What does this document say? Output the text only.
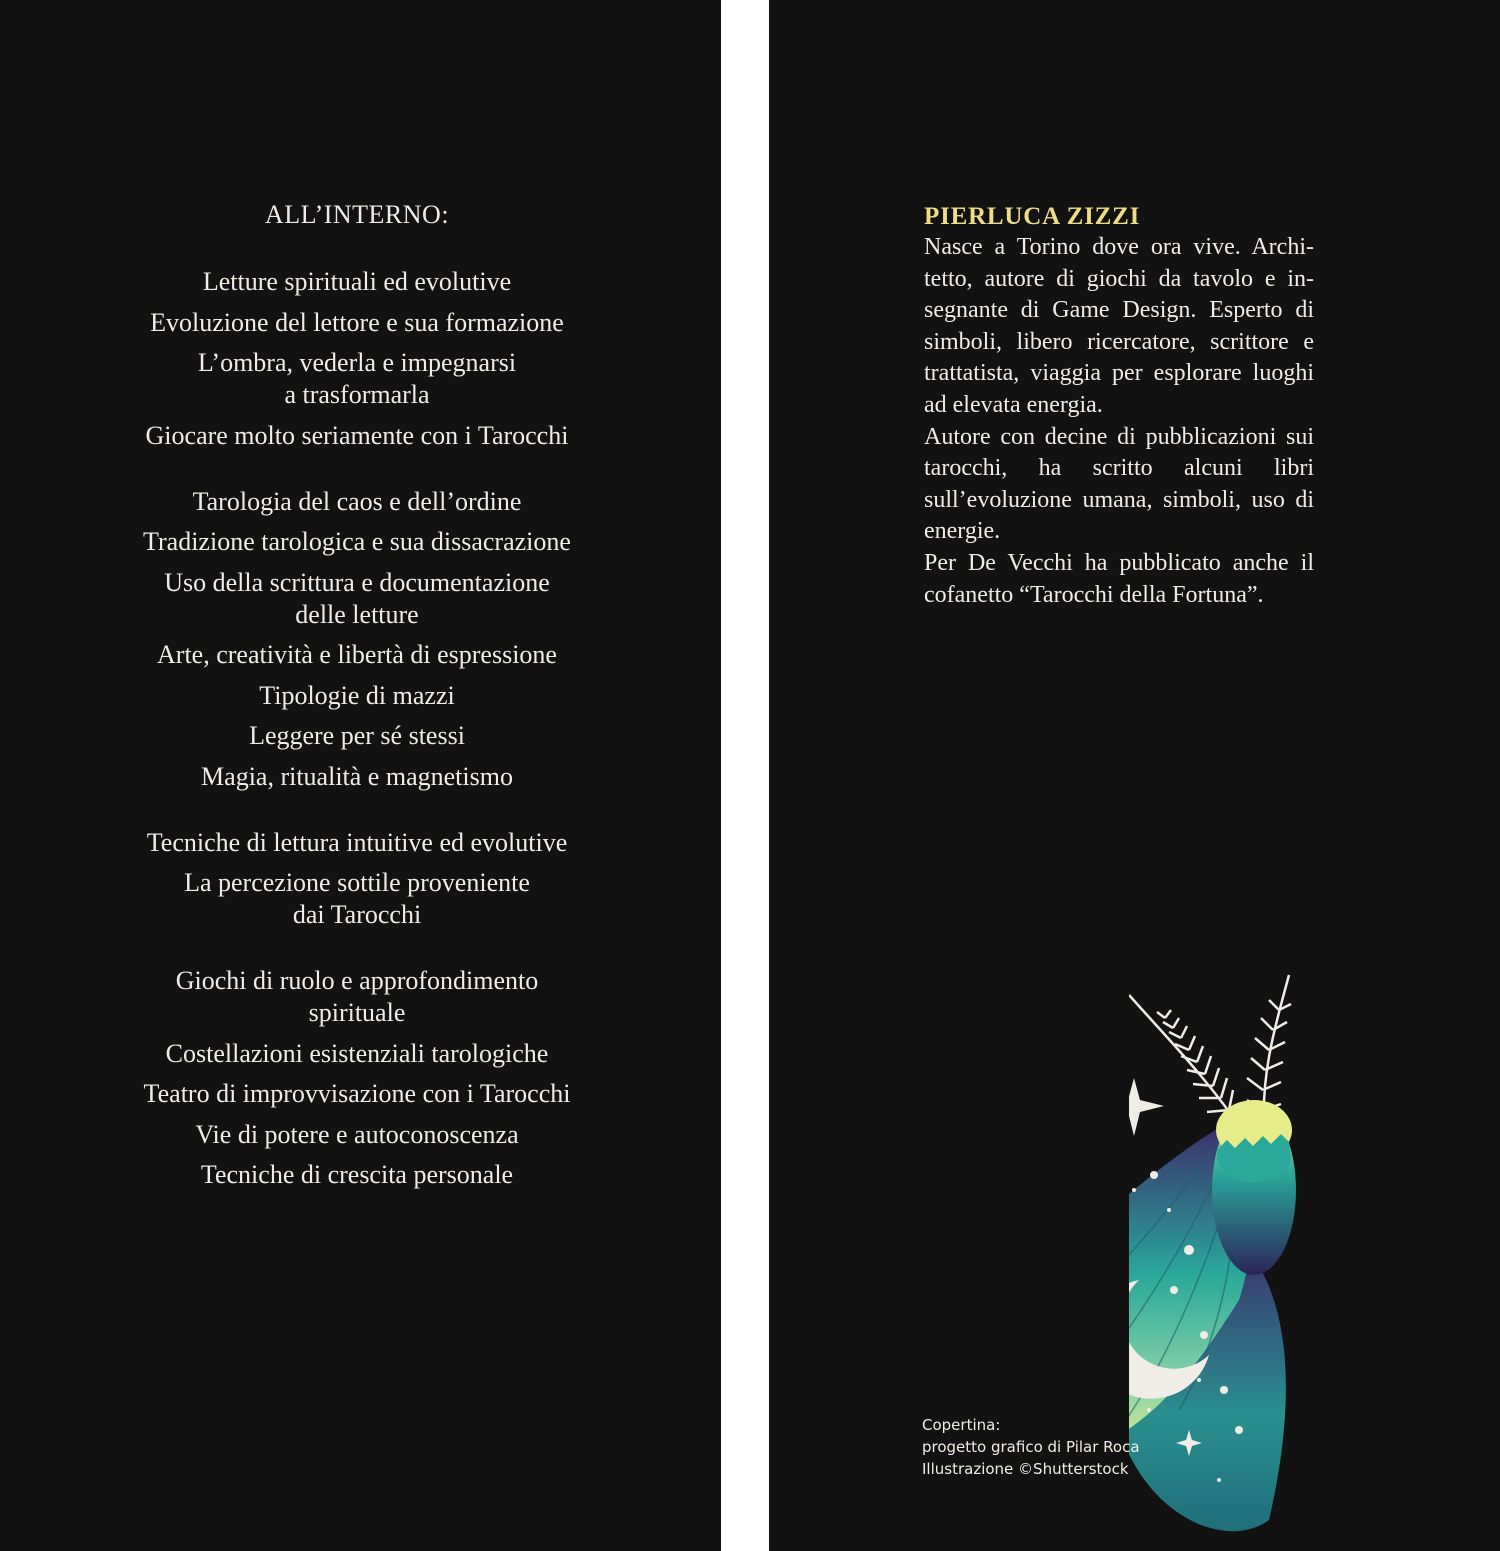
ALL’INTERNO:
Letture spirituali ed evolutive
Evoluzione del lettore e sua formazione
L’ombra, vederla e impegnarsi
a trasformarla
Giocare molto seriamente con i Tarocchi
Tarologia del caos e dell’ordine
Tradizione tarologica e sua dissacrazione
Uso della scrittura e documentazione
delle letture
Arte, creatività e libertà di espressione
Tipologie di mazzi
Leggere per sé stessi
Magia, ritualità e magnetismo
Tecniche di lettura intuitive ed evolutive
La percezione sottile proveniente
dai Tarocchi
Giochi di ruolo e approfondimento
spirituale
Costellazioni esistenziali tarologiche
Teatro di improvvisazione con i Tarocchi
Vie di potere e autoconoscenza
Tecniche di crescita personale
PIERLUCA ZIZZI

Nasce a Torino dove ora vive. Architetto, autore di giochi da tavolo e insegnante di Game Design. Esperto di simboli, libero ricercatore, scrittore e trattatista, viaggia per esplorare luoghi ad elevata energia.

Autore con decine di pubblicazioni sui tarocchi, ha scritto alcuni libri sull’evoluzione umana, simboli, uso di energie.

Per De Vecchi ha pubblicato anche il cofanetto “Tarocchi della Fortuna”.

Copertina:
progetto grafico di Pilar Roca
Illustrazione ©Shutterstock
